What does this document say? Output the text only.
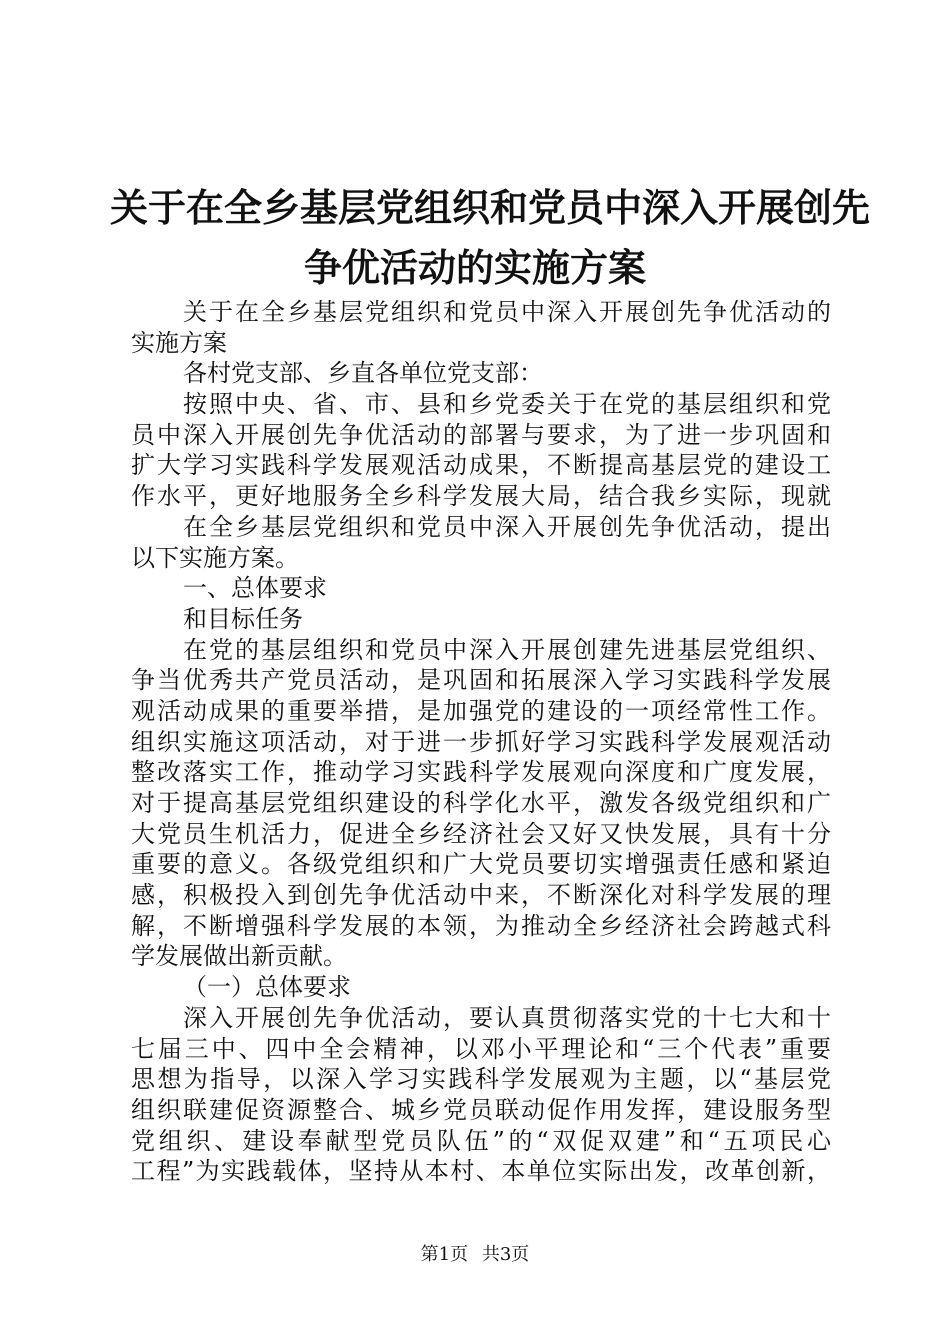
关于在全乡基层党组织和党员中深入开展创先
争优活动的实施方案
关于在全乡基层党组织和党员中深入开展创先争优活动的
实施方案
各村党支部、乡直各单位党支部：
按照中央、省、市、县和乡党委关于在党的基层组织和党
员中深入开展创先争优活动的部署与要求，为了进一步巩固和
扩大学习实践科学发展观活动成果，不断提高基层党的建设工
作水平，更好地服务全乡科学发展大局，结合我乡实际，现就
在全乡基层党组织和党员中深入开展创先争优活动，提出
以下实施方案。
一、总体要求
和目标任务
在党的基层组织和党员中深入开展创建先进基层党组织、
争当优秀共产党员活动，是巩固和拓展深入学习实践科学发展
观活动成果的重要举措，是加强党的建设的一项经常性工作。
组织实施这项活动，对于进一步抓好学习实践科学发展观活动
整改落实工作，推动学习实践科学发展观向深度和广度发展，
对于提高基层党组织建设的科学化水平，激发各级党组织和广
大党员生机活力，促进全乡经济社会又好又快发展，具有十分
重要的意义。各级党组织和广大党员要切实增强责任感和紧迫
感，积极投入到创先争优活动中来，不断深化对科学发展的理
解，不断增强科学发展的本领，为推动全乡经济社会跨越式科
学发展做出新贡献。
（一）总体要求
深入开展创先争优活动，要认真贯彻落实党的十七大和十
七届三中、四中全会精神，以邓小平理论和“三个代表”重要
思想为指导，以深入学习实践科学发展观为主题，以“基层党
组织联建促资源整合、城乡党员联动促作用发挥，建设服务型
党组织、建设奉献型党员队伍”的“双促双建”和“五项民心
工程”为实践载体，坚持从本村、本单位实际出发，改革创新，
第1页 共3页
